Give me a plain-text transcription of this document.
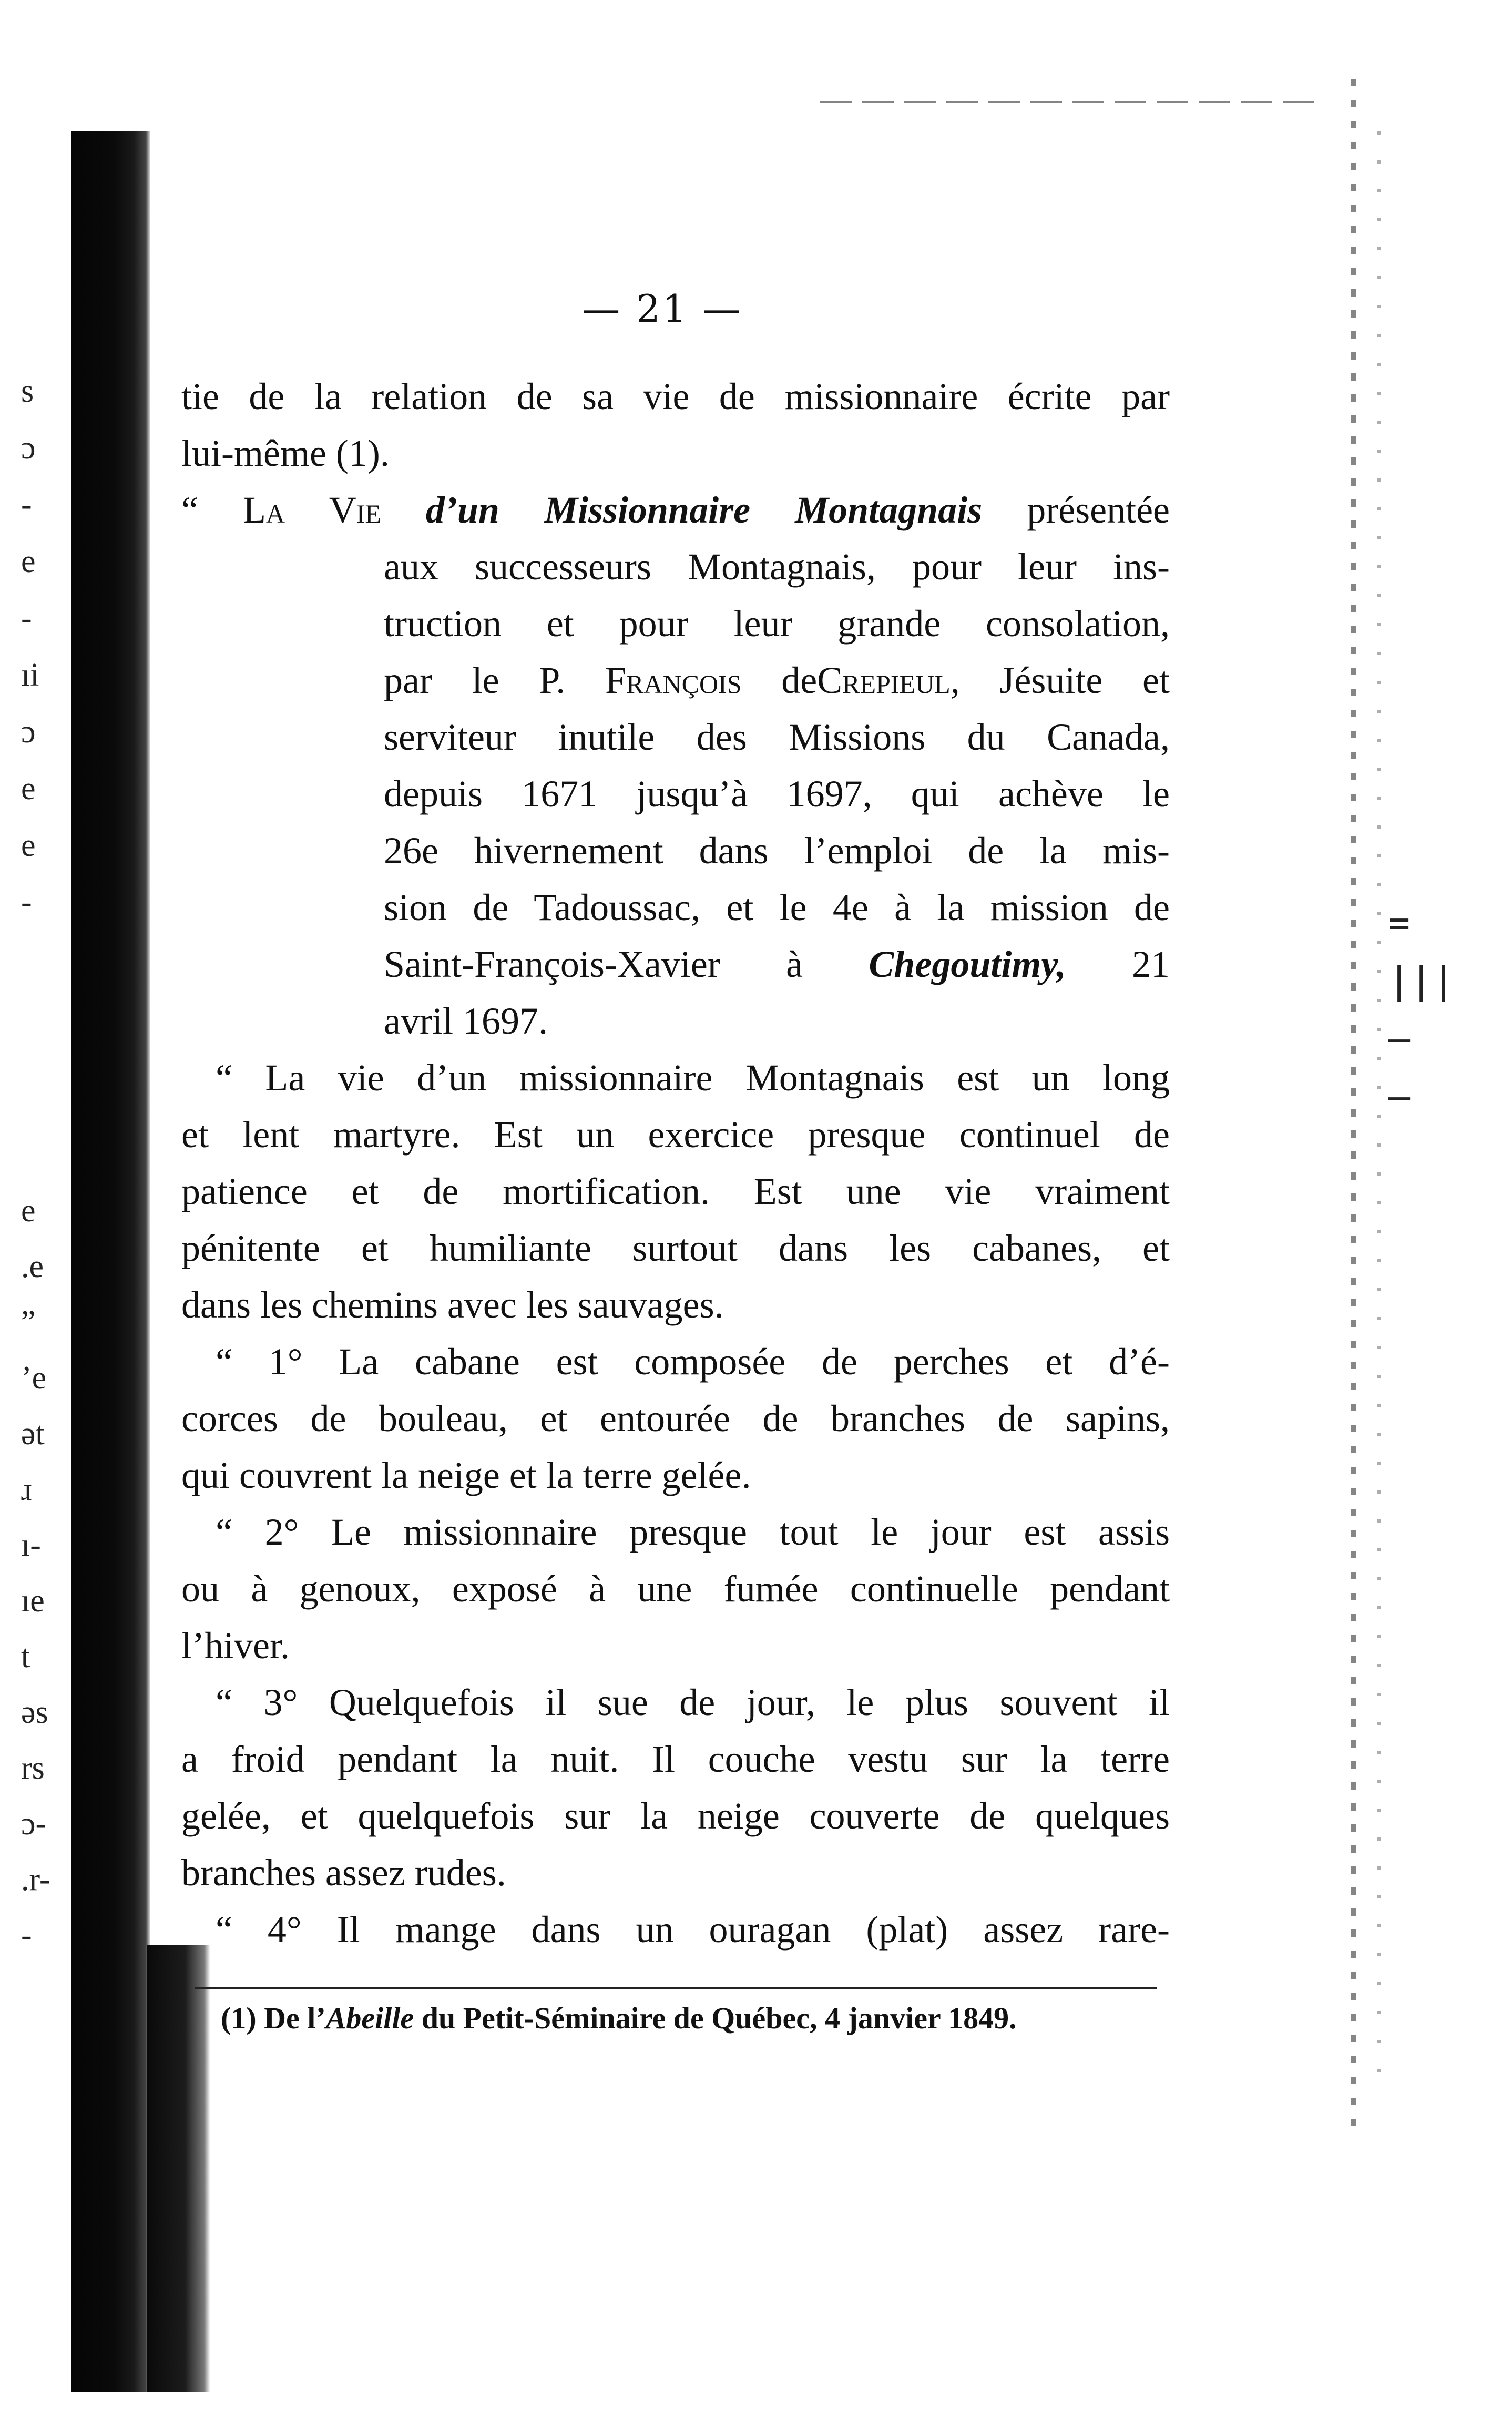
=
|||
—
—
s
ɔ
-
e
-
ıi
ɔ
e
e
-
e
.e
”
’e
ət
ɹ
ı-
ıe
t
əs
rs
ɔ-
.r-
-
— 21 —
tie de la relation de sa vie de missionnaire écrite par
lui-même (1).
“ La Vie d’un Missionnaire Montagnais présentée
aux successeurs Montagnais, pour leur ins-
truction et pour leur grande consolation,
par le P. François deCrepieul, Jésuite et
serviteur inutile des Missions du Canada,
depuis 1671 jusqu’à 1697, qui achève le
26e hivernement dans l’emploi de la mis-
sion de Tadoussac, et le 4e à la mission de
Saint-François-Xavier à Chegoutimy, 21
avril 1697.
“ La vie d’un missionnaire Montagnais est un long
et lent martyre. Est un exercice presque continuel de
patience et de mortification. Est une vie vraiment
pénitente et humiliante surtout dans les cabanes, et
dans les chemins avec les sauvages.
“ 1° La cabane est composée de perches et d’é-
corces de bouleau, et entourée de branches de sapins,
qui couvrent la neige et la terre gelée.
“ 2° Le missionnaire presque tout le jour est assis
ou à genoux, exposé à une fumée continuelle pendant
l’hiver.
“ 3° Quelquefois il sue de jour, le plus souvent il
a froid pendant la nuit. Il couche vestu sur la terre
gelée, et quelquefois sur la neige couverte de quelques
branches assez rudes.
“ 4° Il mange dans un ouragan (plat) assez rare-
(1) De l’Abeille du Petit-Séminaire de Québec, 4 janvier 1849.
